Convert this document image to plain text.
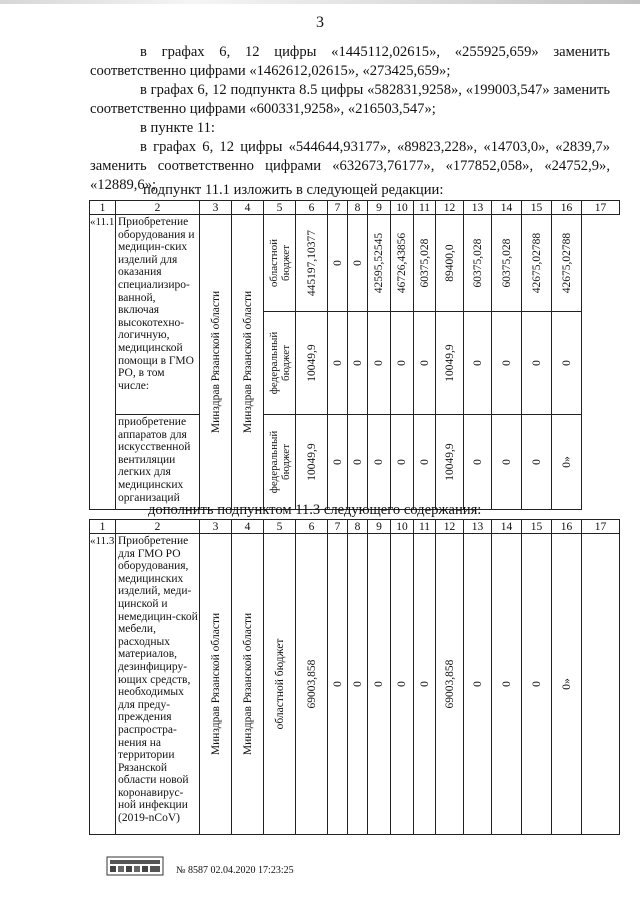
3
в графах 6, 12 цифры «1445112,02615», «255925,659» заменить соответственно цифрами «1462612,02615», «273425,659»;
в графах 6, 12 подпункта 8.5 цифры «582831,9258», «199003,547» заменить соответственно цифрами «600331,9258», «216503,547»;
в пункте 11:
в графах 6, 12 цифры «544644,93177», «89823,228», «14703,0», «2839,7» заменить соответственно цифрами «632673,76177», «177852,058», «24752,9», «12889,6»;
подпункт 11.1 изложить в следующей редакции:
1	2	3	4	5	6	7	8	9	10	11	12	13	14	15	16	17
«11.1	Приобретение оборудования и медицин-ских изделий для оказания специализиро-ванной, включая высокотехно-логичную, медицинской помощи в ГМО РО, в том числе:	Минздрав Рязанской области	Минздрав Рязанской области	областной бюджет	445197,10377	0	0	42595,52545	46726,43856	60375,028	89400,0	60375,028	60375,028	42675,02788	42675,02788	

				федеральный бюджет	10049,9	0	0	0	0	0	10049,9	0	0	0	0	

	приобретение аппаратов для искусственной вентиляции легких для медицинских организаций			федеральный бюджет	10049,9	0	0	0	0	0	10049,9	0	0	0	0»	
дополнить подпунктом 11.3 следующего содержания:
1	2	3	4	5	6	7	8	9	10	11	12	13	14	15	16	17
«11.3	Приобретение для ГМО РО оборудования, медицинских изделий, меди-цинской и немедицин-ской мебели, расходных материалов, дезинфициру-ющих средств, необходимых для преду-преждения распростра-нения на территории Рязанской области новой коронавирус-ной инфекции (2019-nCoV)	Минздрав Рязанской области	Минздрав Рязанской области	областной бюджет	69003,858	0	0	0	0	0	69003,858	0	0	0	0»	

№ 8587 02.04.2020 17:23:25
